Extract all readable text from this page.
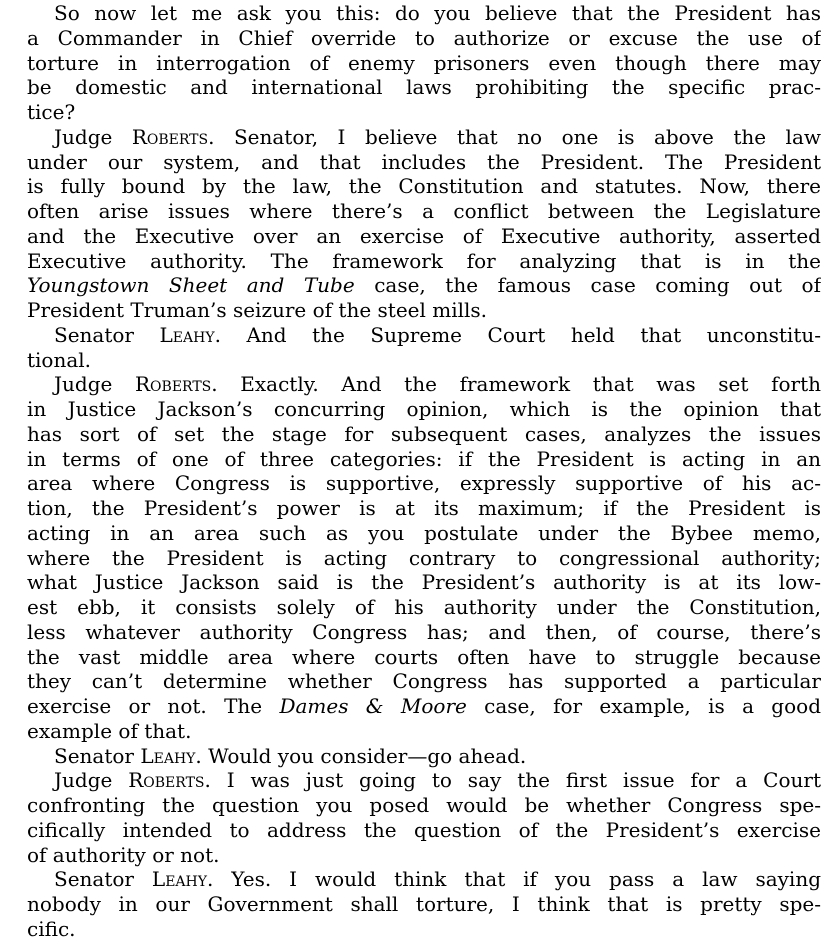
So now let me ask you this: do you believe that the President has
a Commander in Chief override to authorize or excuse the use of
torture in interrogation of enemy prisoners even though there may
be domestic and international laws prohibiting the specific prac-
tice?
Judge Roberts. Senator, I believe that no one is above the law
under our system, and that includes the President. The President
is fully bound by the law, the Constitution and statutes. Now, there
often arise issues where there’s a conflict between the Legislature
and the Executive over an exercise of Executive authority, asserted
Executive authority. The framework for analyzing that is in the
Youngstown Sheet and Tube case, the famous case coming out of
President Truman’s seizure of the steel mills.
Senator Leahy. And the Supreme Court held that unconstitu-
tional.
Judge Roberts. Exactly. And the framework that was set forth
in Justice Jackson’s concurring opinion, which is the opinion that
has sort of set the stage for subsequent cases, analyzes the issues
in terms of one of three categories: if the President is acting in an
area where Congress is supportive, expressly supportive of his ac-
tion, the President’s power is at its maximum; if the President is
acting in an area such as you postulate under the Bybee memo,
where the President is acting contrary to congressional authority;
what Justice Jackson said is the President’s authority is at its low-
est ebb, it consists solely of his authority under the Constitution,
less whatever authority Congress has; and then, of course, there’s
the vast middle area where courts often have to struggle because
they can’t determine whether Congress has supported a particular
exercise or not. The Dames & Moore case, for example, is a good
example of that.
Senator Leahy. Would you consider—go ahead.
Judge Roberts. I was just going to say the first issue for a Court
confronting the question you posed would be whether Congress spe-
cifically intended to address the question of the President’s exercise
of authority or not.
Senator Leahy. Yes. I would think that if you pass a law saying
nobody in our Government shall torture, I think that is pretty spe-
cific.
